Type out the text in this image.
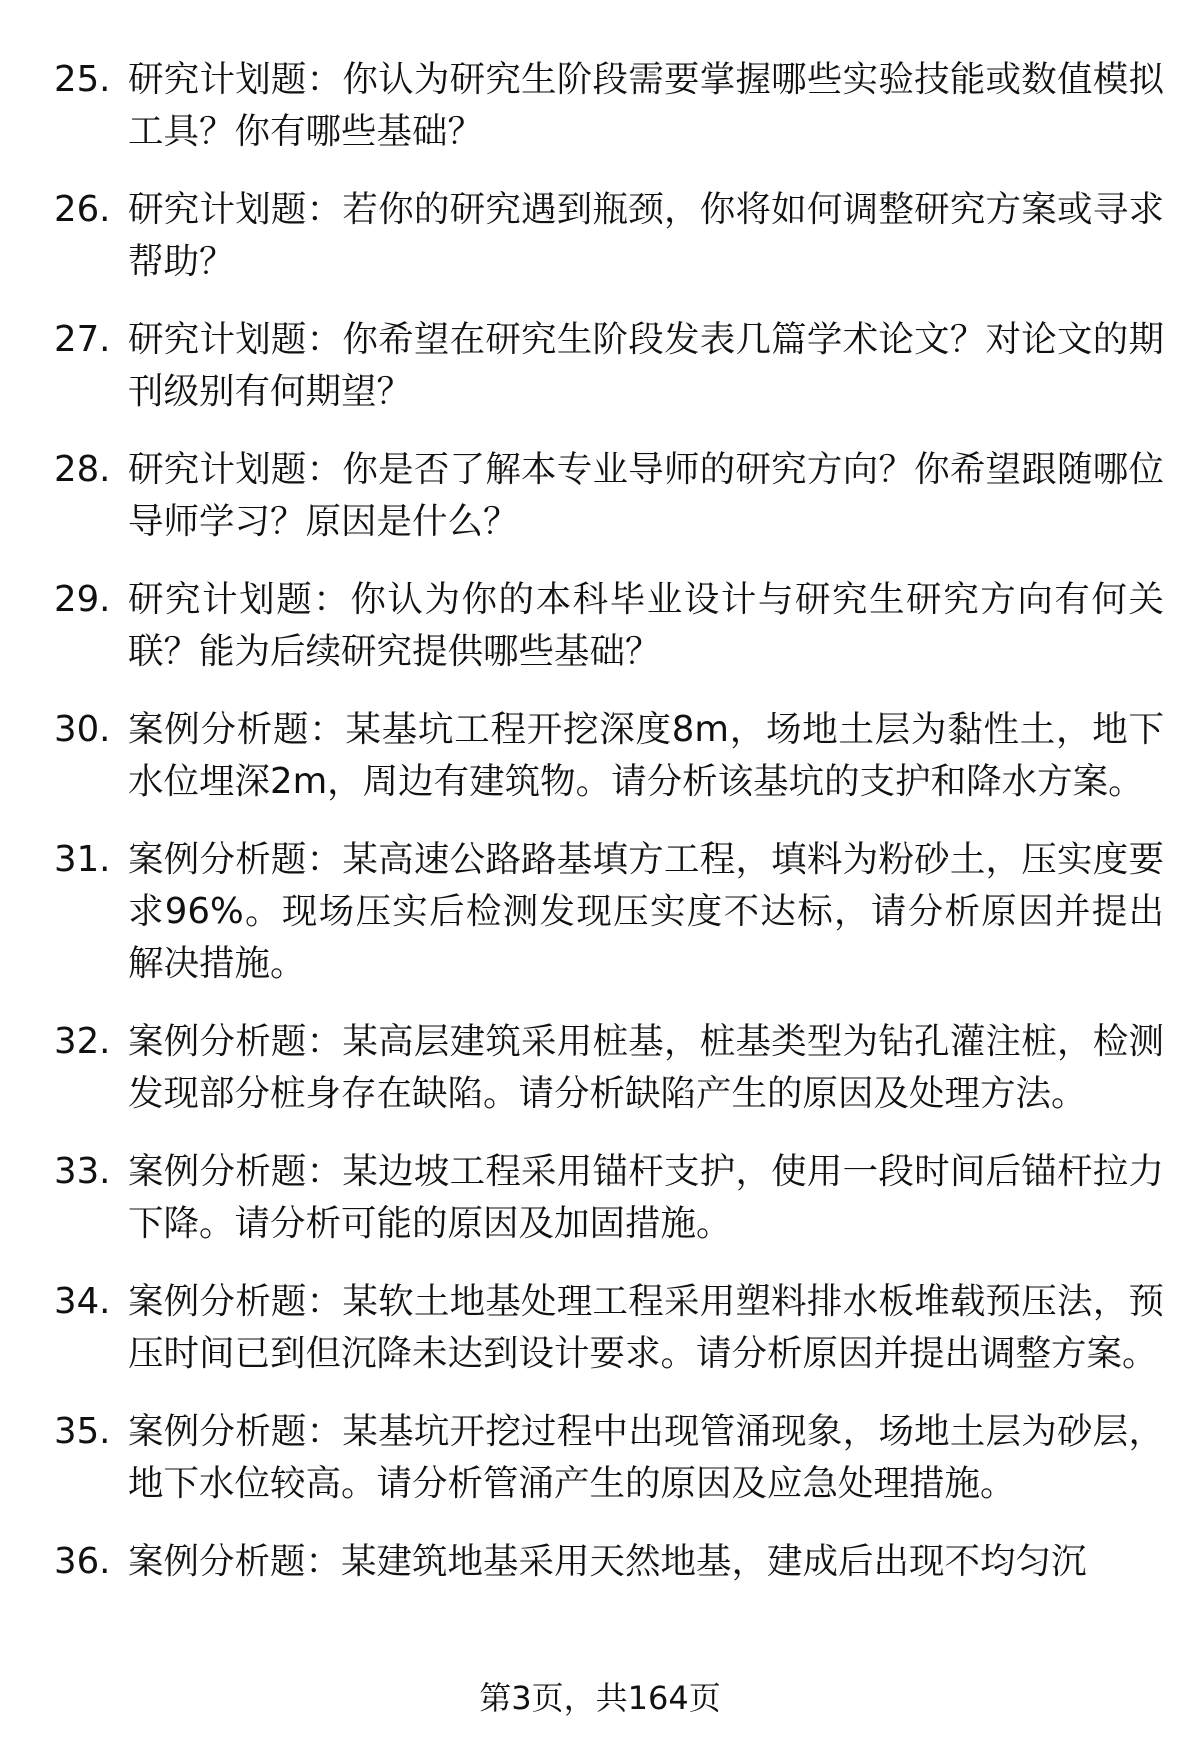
25. 研究计划题：你认为研究生阶段需要掌握哪些实验技能或数值模拟工具？你有哪些基础？
26. 研究计划题：若你的研究遇到瓶颈，你将如何调整研究方案或寻求帮助？
27. 研究计划题：你希望在研究生阶段发表几篇学术论文？对论文的期刊级别有何期望？
28. 研究计划题：你是否了解本专业导师的研究方向？你希望跟随哪位导师学习？原因是什么？
29. 研究计划题：你认为你的本科毕业设计与研究生研究方向有何关联？能为后续研究提供哪些基础？
30. 案例分析题：某基坑工程开挖深度8m，场地土层为黏性土，地下水位埋深2m，周边有建筑物。请分析该基坑的支护和降水方案。
31. 案例分析题：某高速公路路基填方工程，填料为粉砂土，压实度要求96%。现场压实后检测发现压实度不达标，请分析原因并提出解决措施。
32. 案例分析题：某高层建筑采用桩基，桩基类型为钻孔灌注桩，检测发现部分桩身存在缺陷。请分析缺陷产生的原因及处理方法。
33. 案例分析题：某边坡工程采用锚杆支护，使用一段时间后锚杆拉力下降。请分析可能的原因及加固措施。
34. 案例分析题：某软土地基处理工程采用塑料排水板堆载预压法，预压时间已到但沉降未达到设计要求。请分析原因并提出调整方案。
35. 案例分析题：某基坑开挖过程中出现管涌现象，场地土层为砂层，地下水位较高。请分析管涌产生的原因及应急处理措施。
36. 案例分析题：某建筑地基采用天然地基，建成后出现不均匀沉
第3页，共164页
